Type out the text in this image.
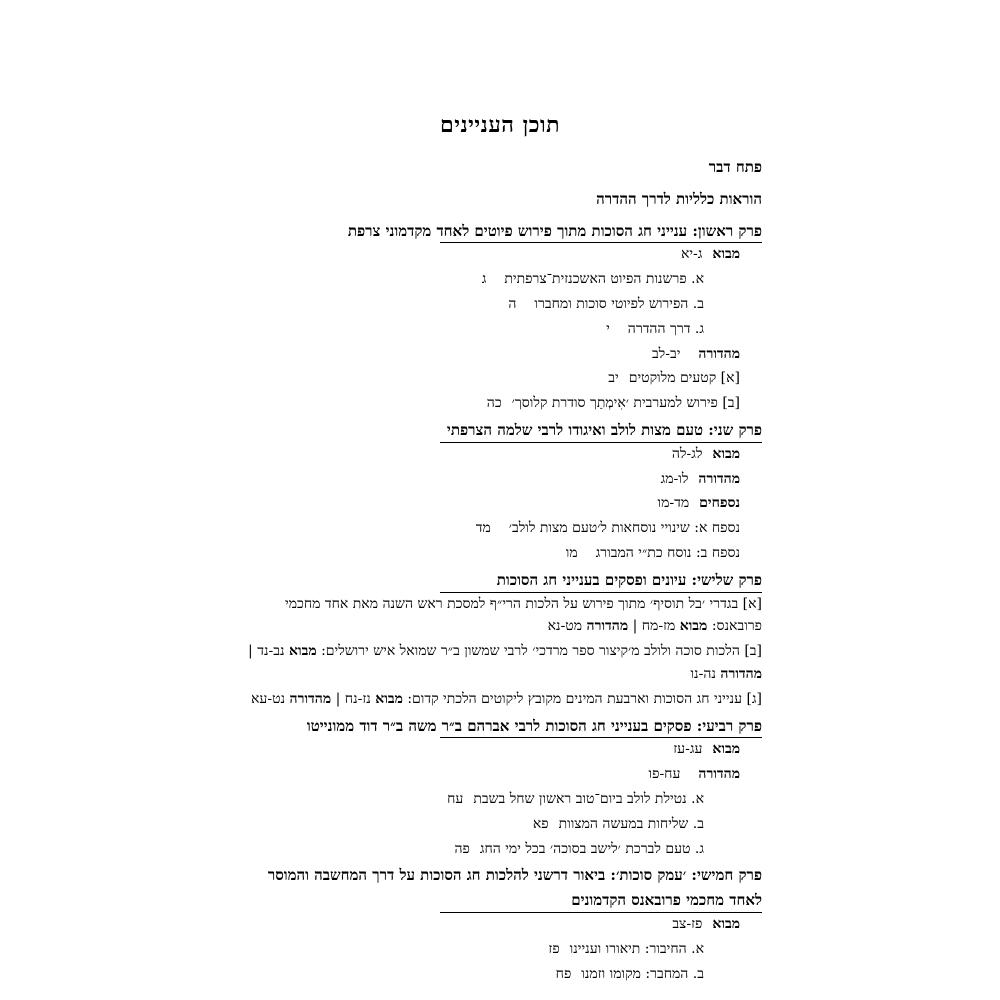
תוכן העניינים
פתח דבר
הוראות כלליות לדרך ההדרה
פרק ראשון: ענייני חג הסוכות מתוך פירוש פיוטים לאחד מקדמוני צרפת
מבואג-יא
א. פרשנות הפיוט האשכנזית־צרפתיתג
ב. הפירוש לפיוטי סוכות ומחברוה
ג. דרך ההדרהי
מהדורהיב-לב
[א] קטעים מלוקטיםיב
[ב] פירוש למערבית ׳אִימְתַך סודרת קלוסך׳כה
פרק שני: טעם מצות לולב ואיגודו לרבי שלמה הצרפתי
מבואלג-לה
מהדורהלו-מג
נספחיםמד-מו
נספח א: שינויי נוסחאות ל׳טעם מצות לולב׳מד
נספח ב: נוסח כת״י המבורגמו
פרק שלישי: עיונים ופסקים בענייני חג הסוכות
[א] בגדרי ׳בל תוסיף׳ מתוך פירוש על הלכות הרי״ף למסכת ראש השנה מאת אחד מחכמי
פרובאנס: מבוא מז-מח | מהדורה מט-נא
[ב] הלכות סוכה ולולב מ׳קיצור ספר מרדכי׳ לרבי שמשון ב״ר שמואל איש ירושלים: מבוא נב-נד |
מהדורה נה-נו
[ג] ענייני חג הסוכות וארבעת המינים מקובץ ליקוטים הלכתי קדום: מבוא נז-נח | מהדורה נט-עא
פרק רביעי: פסקים בענייני חג הסוכות לרבי אברהם ב״ר משה ב״ר דוד ממונייטו
מבואעג-עז
מהדורהעח-פו
א. נטילת לולב ביום־טוב ראשון שחל בשבתעח
ב. שליחות במעשה המצוותפא
ג. טעם לברכת ׳לישב בסוכה׳ בכל ימי החגפה
פרק חמישי: ׳עמק סוכות׳: ביאור דרשני להלכות חג הסוכות על דרך המחשבה והמוסר
לאחד מחכמי פרובאנס הקדמונים
מבואפז-צב
א. החיבור: תיאורו ועניינופז
ב. המחבר: מקומו וזמנופח
